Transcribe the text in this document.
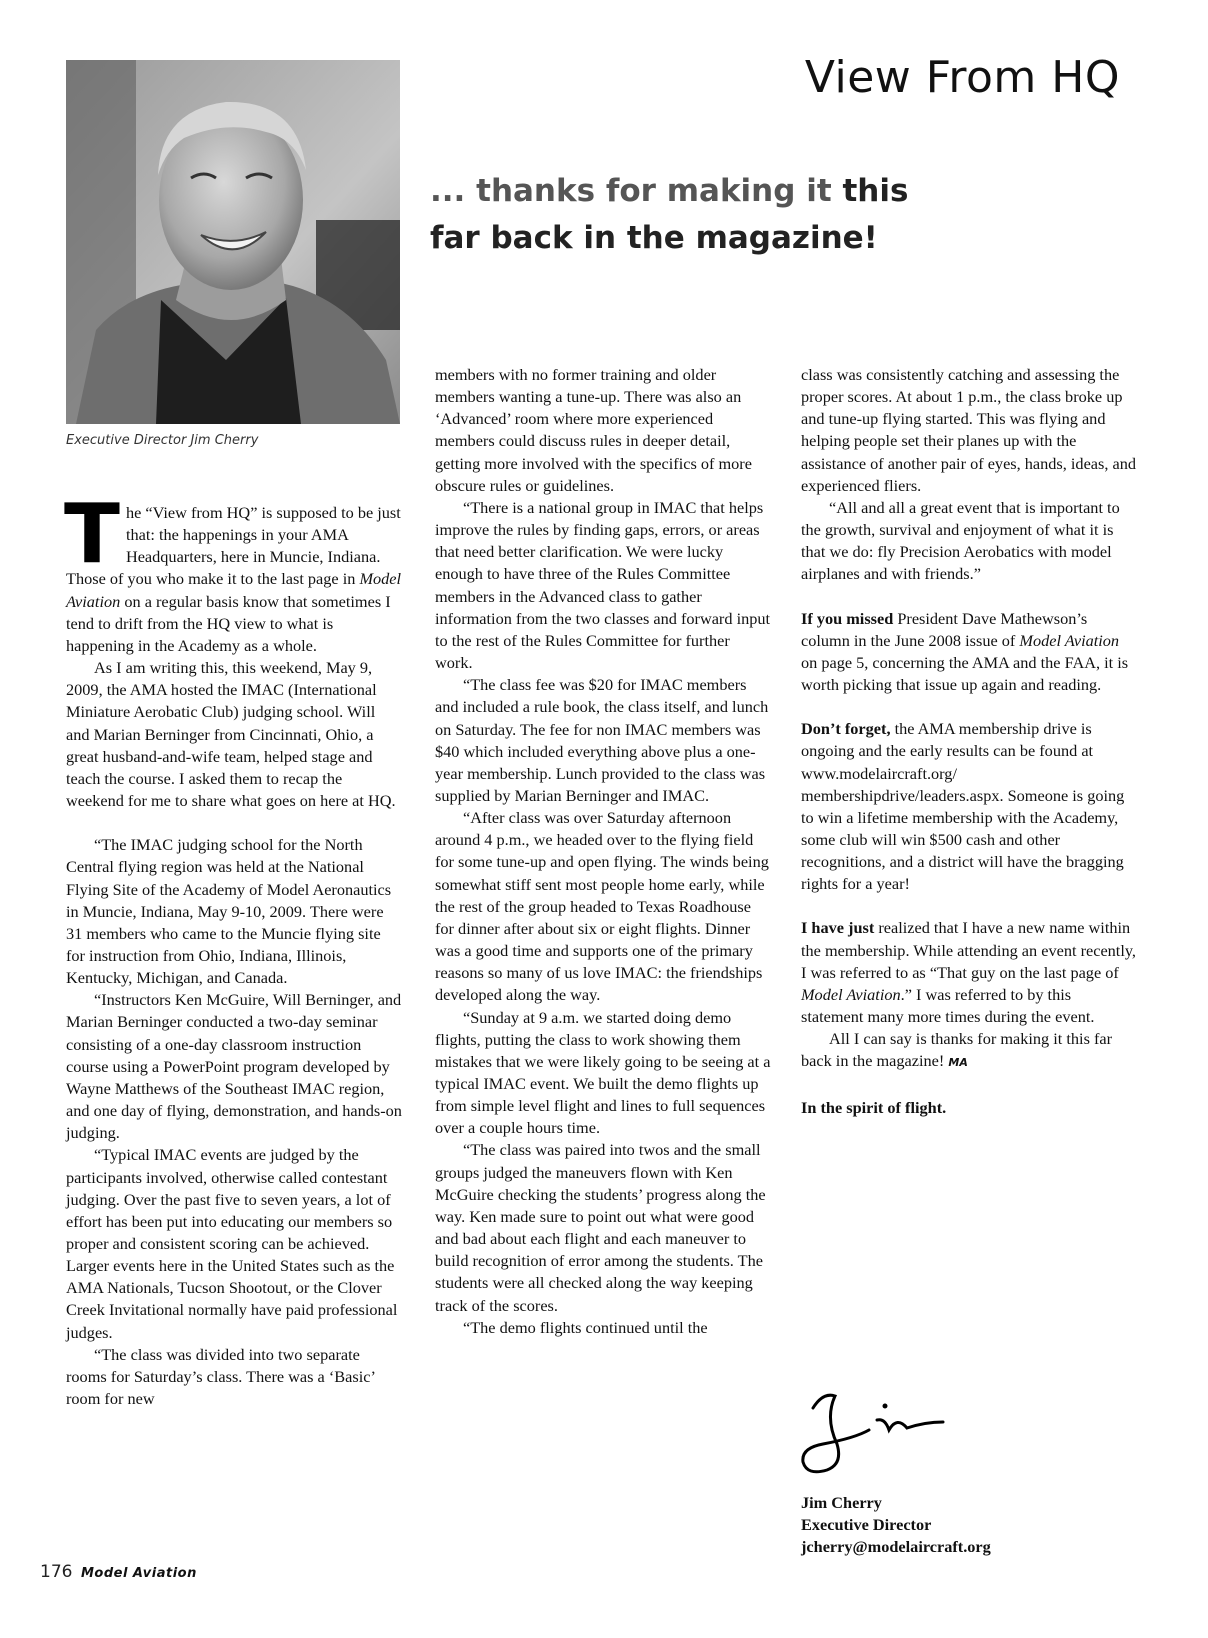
View From HQ
... thanks for making it this
far back in the magazine!
Executive Director Jim Cherry

The “View from HQ” is supposed to be just that: the happenings in your AMA Headquarters, here in Muncie, Indiana. Those of you who make it to the last page in Model Aviation on a regular basis know that sometimes I tend to drift from the HQ view to what is happening in the Academy as a whole.

As I am writing this, this weekend, May 9, 2009, the AMA hosted the IMAC (International Miniature Aerobatic Club) judging school. Will and Marian Berninger from Cincinnati, Ohio, a great husband-and-wife team, helped stage and teach the course. I asked them to recap the weekend for me to share what goes on here at HQ.

“The IMAC judging school for the North Central flying region was held at the National Flying Site of the Academy of Model Aeronautics in Muncie, Indiana, May 9-10, 2009. There were 31 members who came to the Muncie flying site for instruction from Ohio, Indiana, Illinois, Kentucky, Michigan, and Canada.

“Instructors Ken McGuire, Will Berninger, and Marian Berninger conducted a two-day seminar consisting of a one-day classroom instruction course using a PowerPoint program developed by Wayne Matthews of the Southeast IMAC region, and one day of flying, demonstration, and hands-on judging.

“Typical IMAC events are judged by the participants involved, otherwise called contestant judging. Over the past five to seven years, a lot of effort has been put into educating our members so proper and consistent scoring can be achieved. Larger events here in the United States such as the AMA Nationals, Tucson Shootout, or the Clover Creek Invitational normally have paid professional judges.

“The class was divided into two separate rooms for Saturday’s class. There was a ‘Basic’ room for new

members with no former training and older members wanting a tune-up. There was also an ‘Advanced’ room where more experienced members could discuss rules in deeper detail, getting more involved with the specifics of more obscure rules or guidelines.

“There is a national group in IMAC that helps improve the rules by finding gaps, errors, or areas that need better clarification. We were lucky enough to have three of the Rules Committee members in the Advanced class to gather information from the two classes and forward input to the rest of the Rules Committee for further work.

“The class fee was $20 for IMAC members and included a rule book, the class itself, and lunch on Saturday. The fee for non IMAC members was $40 which included everything above plus a one-year membership. Lunch provided to the class was supplied by Marian Berninger and IMAC.

“After class was over Saturday afternoon around 4 p.m., we headed over to the flying field for some tune-up and open flying. The winds being somewhat stiff sent most people home early, while the rest of the group headed to Texas Roadhouse for dinner after about six or eight flights. Dinner was a good time and supports one of the primary reasons so many of us love IMAC: the friendships developed along the way.

“Sunday at 9 a.m. we started doing demo flights, putting the class to work showing them mistakes that we were likely going to be seeing at a typical IMAC event. We built the demo flights up from simple level flight and lines to full sequences over a couple hours time.

“The class was paired into twos and the small groups judged the maneuvers flown with Ken McGuire checking the students’ progress along the way. Ken made sure to point out what were good and bad about each flight and each maneuver to build recognition of error among the students. The students were all checked along the way keeping track of the scores.

“The demo flights continued until the

class was consistently catching and assessing the proper scores. At about 1 p.m., the class broke up and tune-up flying started. This was flying and helping people set their planes up with the assistance of another pair of eyes, hands, ideas, and experienced fliers.

“All and all a great event that is important to the growth, survival and enjoyment of what it is that we do: fly Precision Aerobatics with model airplanes and with friends.”

If you missed President Dave Mathewson’s column in the June 2008 issue of Model Aviation on page 5, concerning the AMA and the FAA, it is worth picking that issue up again and reading.

Don’t forget, the AMA membership drive is ongoing and the early results can be found at www.modelaircraft.org/ membershipdrive/leaders.aspx. Someone is going to win a lifetime membership with the Academy, some club will win $500 cash and other recognitions, and a district will have the bragging rights for a year!

I have just realized that I have a new name within the membership. While attending an event recently, I was referred to as “That guy on the last page of Model Aviation.” I was referred to by this statement many more times during the event.

All I can say is thanks for making it this far back in the magazine! MA

In the spirit of flight.

Jim Cherry
Executive Director
jcherry@modelaircraft.org
176 Model Aviation
